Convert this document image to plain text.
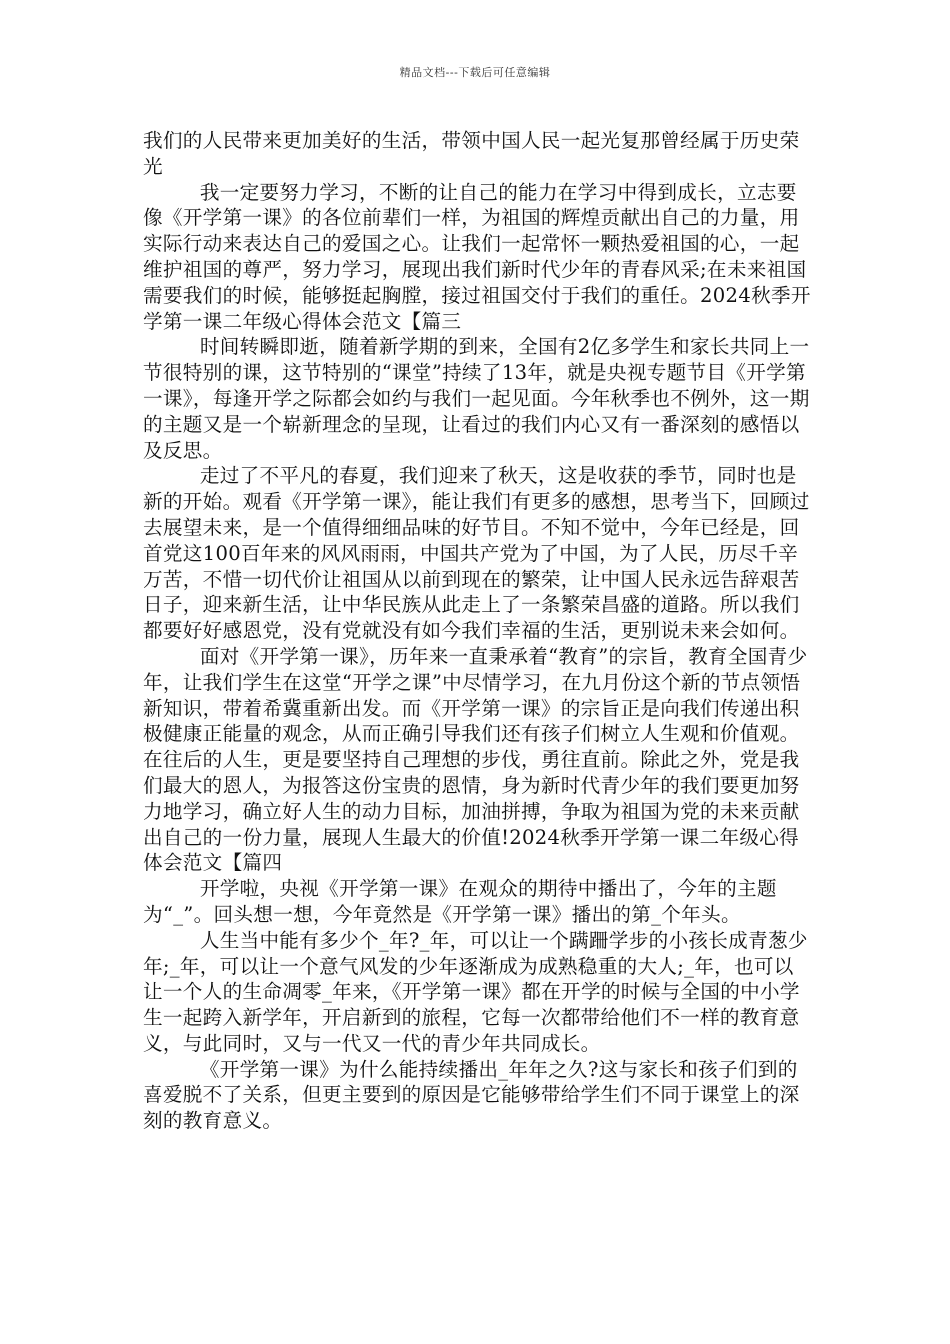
精品文档---下载后可任意编辑

我们的人民带来更加美好的生活，带领中国人民一起光复那曾经属于历史荣光

我一定要努力学习，不断的让自己的能力在学习中得到成长，立志要像《开学第一课》的各位前辈们一样，为祖国的辉煌贡献出自己的力量，用实际行动来表达自己的爱国之心。让我们一起常怀一颗热爱祖国的心，一起维护祖国的尊严，努力学习，展现出我们新时代少年的青春风采;在未来祖国需要我们的时候，能够挺起胸膛，接过祖国交付于我们的重任。2024秋季开学第一课二年级心得体会范文【篇三

时间转瞬即逝，随着新学期的到来，全国有2亿多学生和家长共同上一节很特别的课，这节特别的“课堂”持续了13年，就是央视专题节目《开学第一课》，每逢开学之际都会如约与我们一起见面。今年秋季也不例外，这一期的主题又是一个崭新理念的呈现，让看过的我们内心又有一番深刻的感悟以及反思。

走过了不平凡的春夏，我们迎来了秋天，这是收获的季节，同时也是新的开始。观看《开学第一课》，能让我们有更多的感想，思考当下，回顾过去展望未来，是一个值得细细品味的好节目。不知不觉中，今年已经是，回首党这100百年来的风风雨雨，中国共产党为了中国，为了人民，历尽千辛万苦，不惜一切代价让祖国从以前到现在的繁荣，让中国人民永远告辞艰苦日子，迎来新生活，让中华民族从此走上了一条繁荣昌盛的道路。所以我们都要好好感恩党，没有党就没有如今我们幸福的生活，更别说未来会如何。

面对《开学第一课》，历年来一直秉承着“教育”的宗旨，教育全国青少年，让我们学生在这堂“开学之课”中尽情学习，在九月份这个新的节点领悟新知识，带着希冀重新出发。而《开学第一课》的宗旨正是向我们传递出积极健康正能量的观念，从而正确引导我们还有孩子们树立人生观和价值观。在往后的人生，更是要坚持自己理想的步伐，勇往直前。除此之外，党是我们最大的恩人，为报答这份宝贵的恩情，身为新时代青少年的我们要更加努力地学习，确立好人生的动力目标，加油拼搏，争取为祖国为党的未来贡献出自己的一份力量，展现人生最大的价值!2024秋季开学第一课二年级心得体会范文【篇四

开学啦，央视《开学第一课》在观众的期待中播出了，今年的主题为“_”。回头想一想，今年竟然是《开学第一课》播出的第_个年头。

人生当中能有多少个_年?_年，可以让一个蹒跚学步的小孩长成青葱少年;_年，可以让一个意气风发的少年逐渐成为成熟稳重的大人;_年，也可以让一个人的生命凋零_年来，《开学第一课》都在开学的时候与全国的中小学生一起跨入新学年，开启新到的旅程，它每一次都带给他们不一样的教育意义，与此同时，又与一代又一代的青少年共同成长。

《开学第一课》为什么能持续播出_年年之久?这与家长和孩子们到的喜爱脱不了关系，但更主要到的原因是它能够带给学生们不同于课堂上的深刻的教育意义。
